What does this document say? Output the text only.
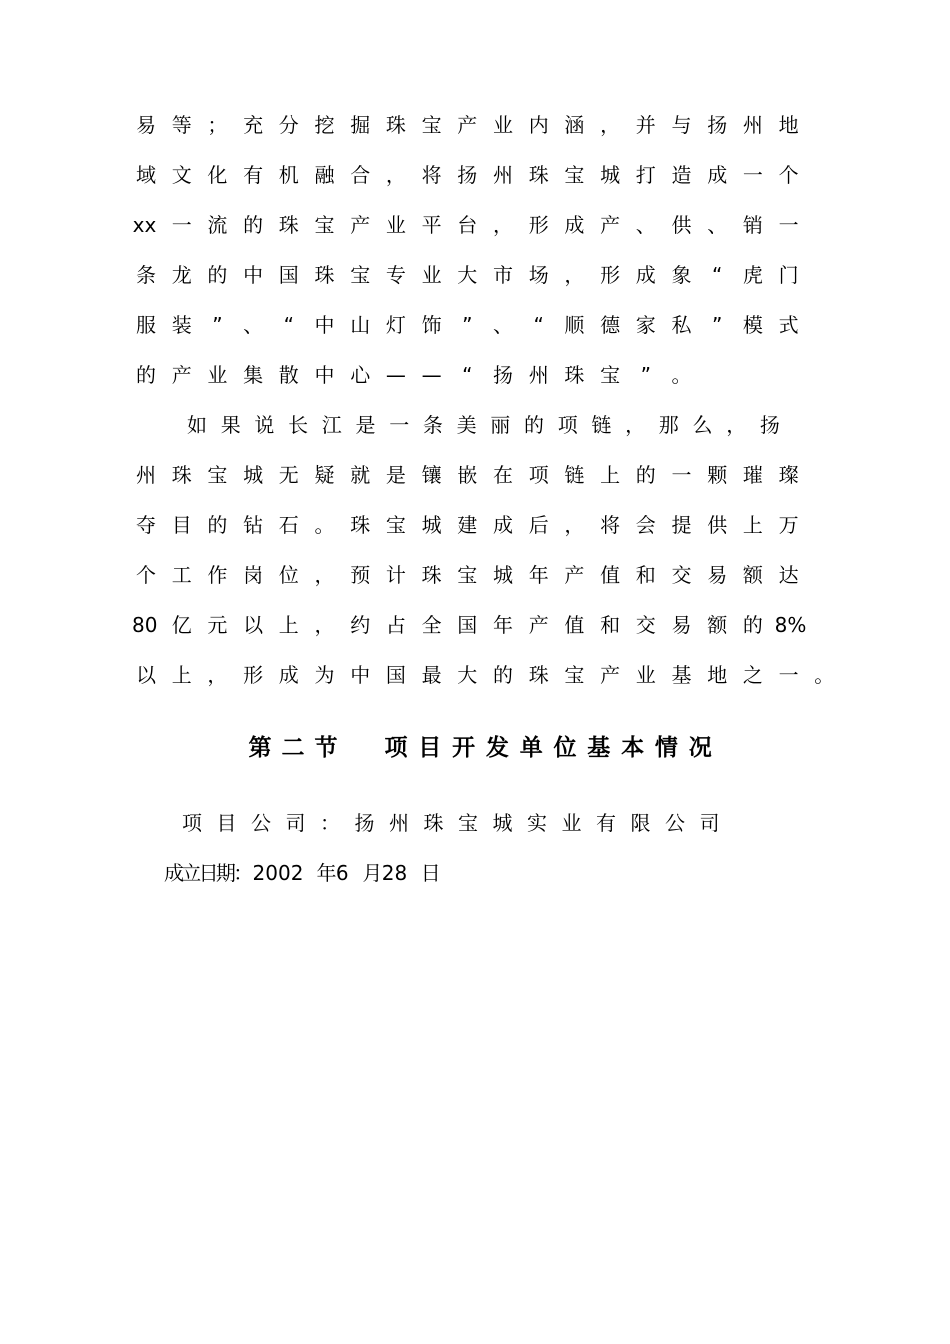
易 等 ； 充 分 挖 掘 珠 宝 产 业 内 涵 ， 并 与 扬 州 地
域 文 化 有 机 融 合 ， 将 扬 州 珠 宝 城 打 造 成 一 个
xx 一 流 的 珠 宝 产 业 平 台 ， 形 成 产 、 供 、 销 一
条 龙 的 中 国 珠 宝 专 业 大 市 场 ， 形 成 象	“	虎 门
服 装	”	、	“	中 山 灯 饰	”	、	“	顺 德 家 私	”	模 式
的 产 业 集 散 中 心 — —	“	扬 州 珠 宝	”	。
如 果 说 长 江 是 一 条 美 丽 的 项 链 ， 那 么 ， 扬
州 珠 宝 城 无 疑 就 是 镶 嵌 在 项 链 上 的 一 颗 璀 璨
夺 目 的 钻 石 。 珠 宝 城 建 成 后 ， 将 会 提 供 上 万
个 工 作 岗 位 ， 预 计 珠 宝 城 年 产 值 和 交 易 额 达
80 亿 元 以 上 ， 约 占 全 国 年 产 值 和 交 易 额 的 8%
以 上 ， 形 成 为 中 国 最 大 的 珠 宝 产 业 基 地 之 一 。
第 二 节 项 目 开 发 单 位 基 本 情 况
项 目 公 司 ： 扬 州 珠 宝 城 实 业 有 限 公 司
成
立
日
期
： 2002 年 6 月 28 日
